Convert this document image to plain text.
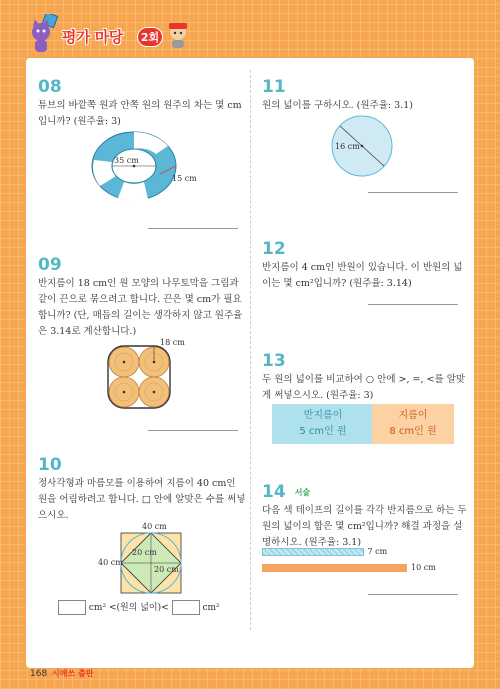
평가 마당	2회
08
튜브의 바깥쪽 원과 안쪽 원의 원주의 차는 몇 cm입니까? (원주율: 3)
35 cm
15 cm
09
반지름이 18 cm인 원 모양의 나무토막을 그림과 같이 끈으로 묶으려고 합니다. 끈은 몇 cm가 필요합니까? (단, 매듭의 길이는 생각하지 않고 원주율은 3.14로 계산합니다.)
18 cm
10
정사각형과 마름모를 이용하여 지름이 40 cm인 원을 어림하려고 합니다. □ 안에 알맞은 수를 써넣으시오.
40 cm
40 cm
20 cm
20 cm
cm² <(원의 넓이)<	cm²
11
원의 넓이를 구하시오. (원주율: 3.1)
16 cm
12
반지름이 4 cm인 반원이 있습니다. 이 반원의 넓이는 몇 cm²입니까? (원주율: 3.14)
13
두 원의 넓이를 비교하여 ○ 안에 >, =, <를 알맞게 써넣으시오. (원주율: 3)
반지름이
5 cm인 원
지름이
8 cm인 원
14 서술
다음 색 테이프의 길이를 각각 반지름으로 하는 두 원의 넓이의 합은 몇 cm²입니까? 해결 과정을 설명하시오. (원주율: 3.1)
7 cm
10 cm
168 시매쓰 출판
